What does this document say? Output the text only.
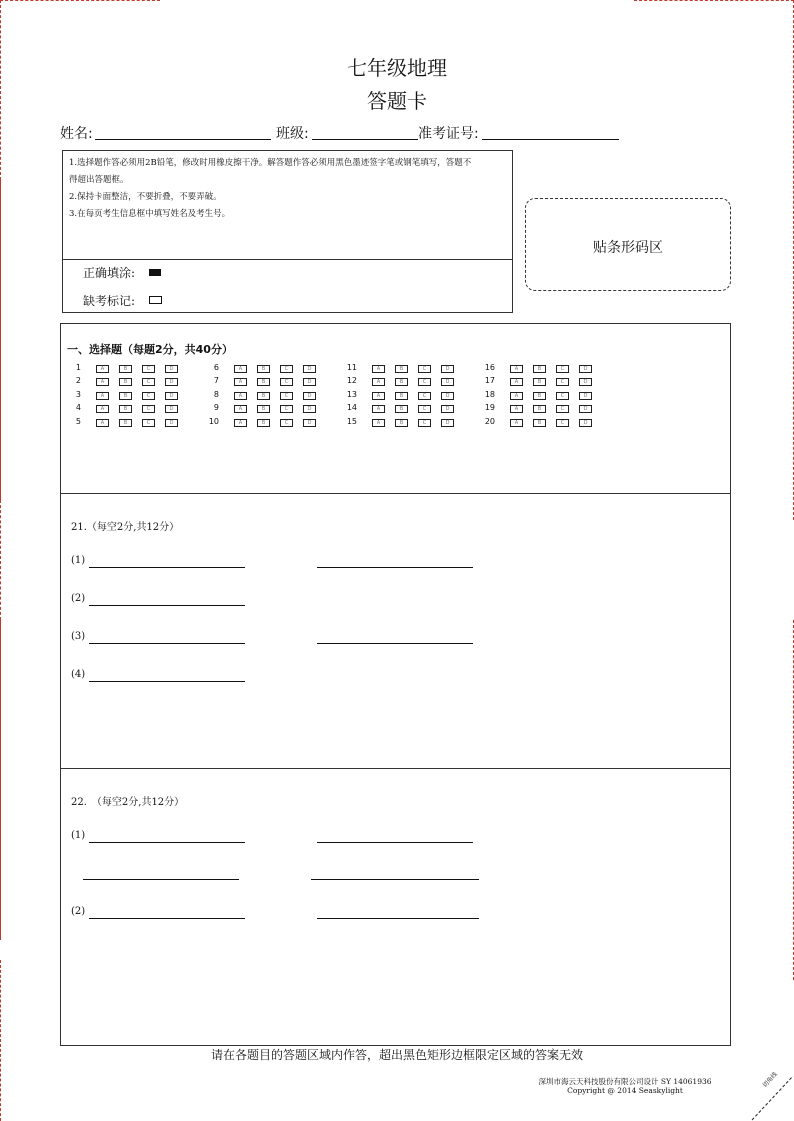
七年级地理
答题卡
姓名:	班级:	准考证号:
1.选择题作答必须用2B铅笔，修改时用橡皮擦干净。解答题作答必须用黑色墨迹签字笔或钢笔填写，答题不
得超出答题框。
2.保持卡面整洁，不要折叠，不要弄破。
3.在每页考生信息框中填写姓名及考生号。
正确填涂:
缺考标记:
贴条形码区
一、选择题（每题2分，共40分）
1	A	B	C	D
2	A	B	C	D
3	A	B	C	D
4	A	B	C	D
5	A	B	C	D
6	A	B	C	D
7	A	B	C	D
8	A	B	C	D
9	A	B	C	D
10	A	B	C	D
11	A	B	C	D
12	A	B	C	D
13	A	B	C	D
14	A	B	C	D
15	A	B	C	D
16	A	B	C	D
17	A	B	C	D
18	A	B	C	D
19	A	B	C	D
20	A	B	C	D
21.（每空2分,共12分）
(1)
(2)
(3)
(4)
22.　（每空2分,共12分）
(1)
(2)
请在各题目的答题区域内作答，超出黑色矩形边框限定区域的答案无效
深圳市海云天科技股份有限公司设计 SY 14061936
Copyright @ 2014 Seaskylight
切角线
